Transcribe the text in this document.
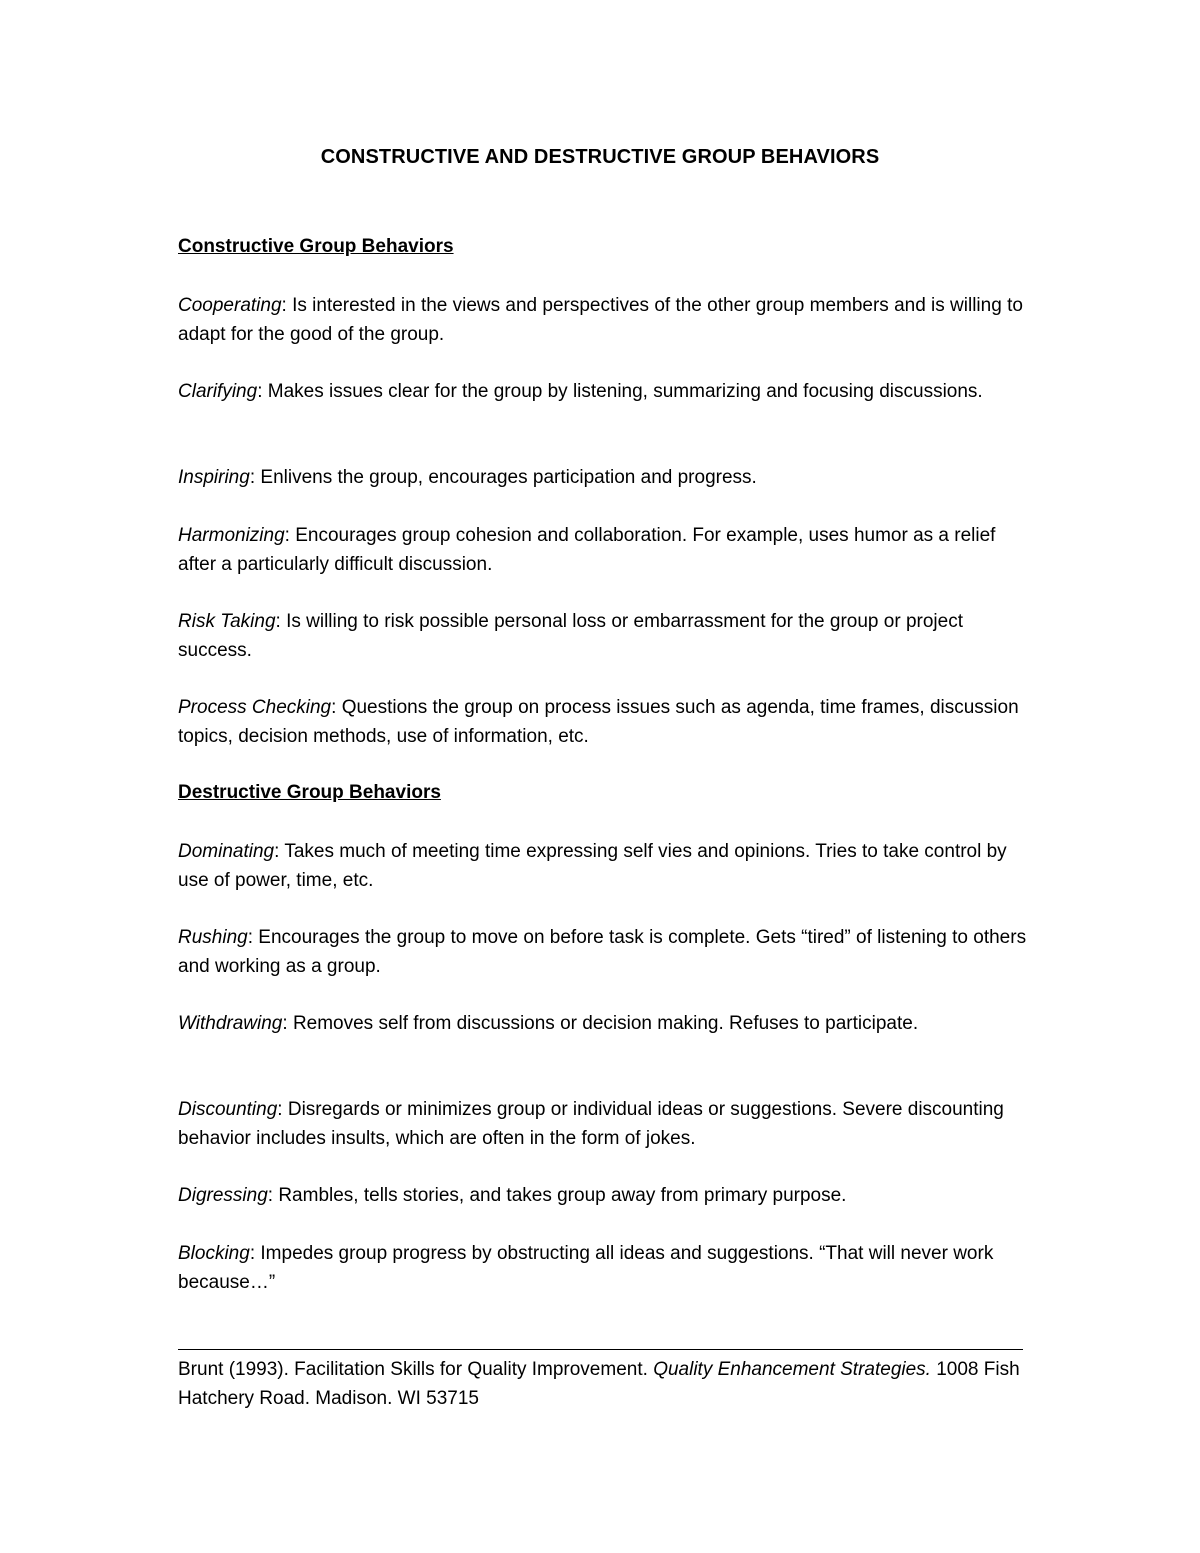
CONSTRUCTIVE AND DESTRUCTIVE GROUP BEHAVIORS
Constructive Group Behaviors
Cooperating: Is interested in the views and perspectives of the other group members and is willing to adapt for the good of the group.
Clarifying: Makes issues clear for the group by listening, summarizing and focusing discussions.
Inspiring: Enlivens the group, encourages participation and progress.
Harmonizing: Encourages group cohesion and collaboration. For example, uses humor as a relief after a particularly difficult discussion.
Risk Taking: Is willing to risk possible personal loss or embarrassment for the group or project success.
Process Checking: Questions the group on process issues such as agenda, time frames, discussion topics, decision methods, use of information, etc.
Destructive Group Behaviors
Dominating: Takes much of meeting time expressing self vies and opinions. Tries to take control by use of power, time, etc.
Rushing: Encourages the group to move on before task is complete. Gets “tired” of listening to others and working as a group.
Withdrawing: Removes self from discussions or decision making. Refuses to participate.
Discounting: Disregards or minimizes group or individual ideas or suggestions. Severe discounting behavior includes insults, which are often in the form of jokes.
Digressing: Rambles, tells stories, and takes group away from primary purpose.
Blocking: Impedes group progress by obstructing all ideas and suggestions. “That will never work because…”
Brunt (1993). Facilitation Skills for Quality Improvement. Quality Enhancement Strategies. 1008 Fish Hatchery Road. Madison. WI 53715
